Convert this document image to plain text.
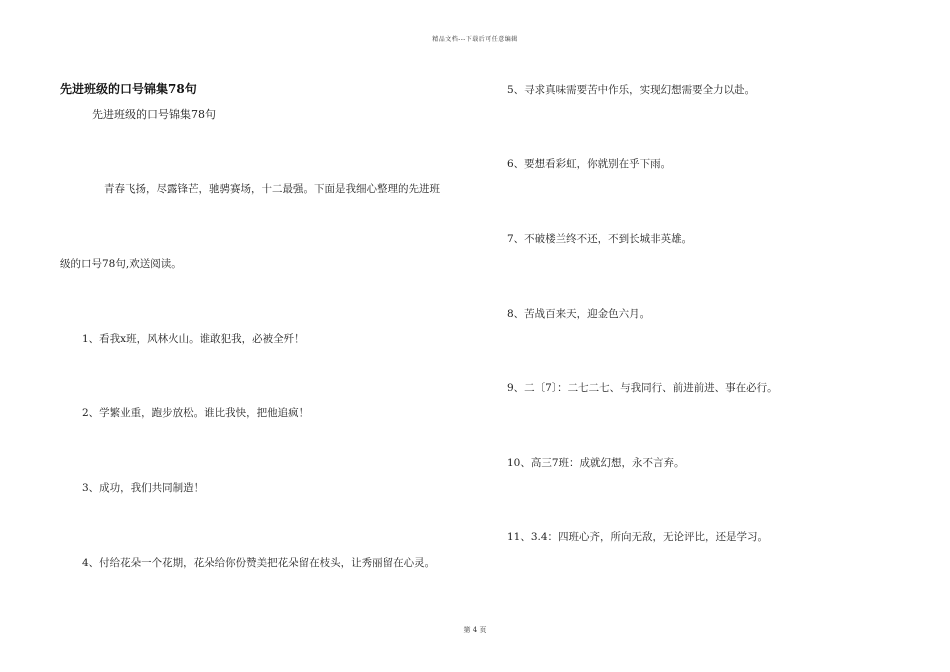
精品文档---下载后可任意编辑
先进班级的口号锦集78句
先进班级的口号锦集78句
青春飞扬，尽露锋芒，驰骋赛场，十二最强。下面是我细心整理的先进班
级的口号78句,欢送阅读。
1、看我x班，风林火山。谁敢犯我，必被全歼！
2、学繁业重，跑步放松。谁比我快，把他追疯！
3、成功，我们共同制造！
4、付给花朵一个花期，花朵给你份赞美把花朵留在枝头，让秀丽留在心灵。
5、寻求真味需要苦中作乐，实现幻想需要全力以赴。
6、要想看彩虹，你就别在乎下雨。
7、不破楼兰终不还，不到长城非英雄。
8、苦战百来天，迎金色六月。
9、二〔7〕：二七二七、与我同行、前进前进、事在必行。
10、高三7班：成就幻想，永不言弃。
11、3.4：四班心齐，所向无敌，无论评比，还是学习。
第 4 页
